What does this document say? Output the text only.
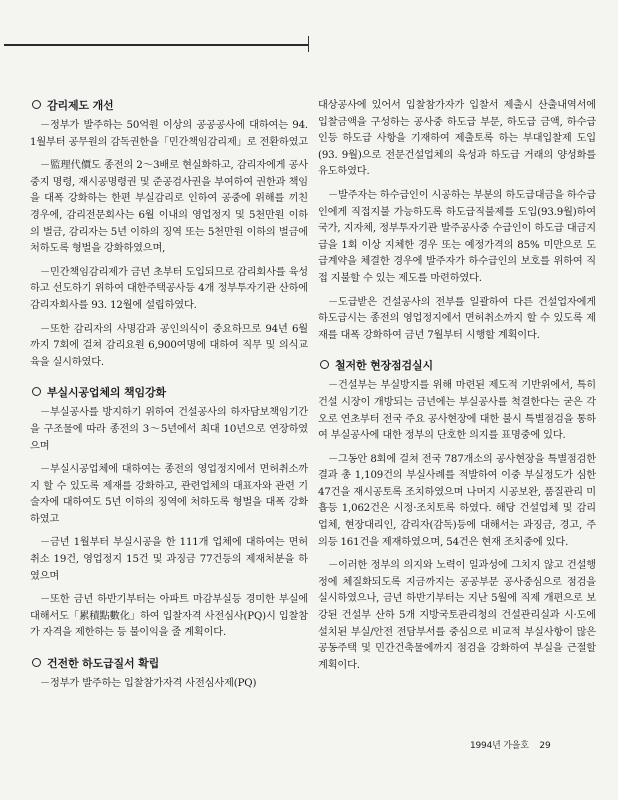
감리제도 개선

－정부가 발주하는 50억원 이상의 공공공사에 대하여는 94. 1월부터 공무원의 감독권한을「민간책임감리제」로 전환하였고

－監理代價도 종전의 2～3배로 현실화하고, 감리자에게 공사중지 명령, 재시공명령권 및 준공검사권을 부여하여 권한과 책임을 대폭 강화하는 한편 부실감리로 인하여 공중에 위해를 끼친 경우에, 감리전문회사는 6월 이내의 영업정지 및 5천만원 이하의 벌금, 감리자는 5년 이하의 징역 또는 5천만원 이하의 벌금에 처하도록 형벌을 강화하였으며,

－민간책임감리제가 금년 초부터 도입되므로 감리회사를 육성하고 선도하기 위하여 대한주택공사등 4개 정부투자기관 산하에 감리자회사를 93. 12월에 설립하였다.

－또한 감리자의 사명감과 공인의식이 중요하므로 94년 6월까지 7회에 걸쳐 감리요원 6,900여명에 대하여 직무 및 의식교육을 실시하였다.

부실시공업체의 책임강화

－부실공사를 방지하기 위하여 건설공사의 하자담보책임기간을 구조물에 따라 종전의 3～5년에서 최대 10년으로 연장하였으며

－부실시공업체에 대하여는 종전의 영업정지에서 면허취소까지 할 수 있도록 제재를 강화하고, 관련업체의 대표자와 관련 기술자에 대하여도 5년 이하의 징역에 처하도록 형벌을 대폭 강화하였고

－금년 1월부터 부실시공을 한 111개 업체에 대하여는 면허취소 19건, 영업정지 15건 및 과징금 77건등의 제재처분을 하였으며

－또한 금년 하반기부터는 아파트 마감부실등 경미한 부실에 대해서도「累積點數化」하여 입찰자격 사전심사(PQ)시 입찰참가 자격을 제한하는 등 불이익을 줄 계획이다.

건전한 하도급질서 확립

－정부가 발주하는 입찰참가자격 사전심사제(PQ)

대상공사에 있어서 입찰참가자가 입찰서 제출시 산출내역서에 입찰금액을 구성하는 공사중 하도급 부문, 하도급 금액, 하수급인등 하도급 사항을 기재하여 제출토록 하는 부대입찰제 도입(93. 9월)으로 전문건설업체의 육성과 하도급 거래의 양성화를 유도하였다.

－발주자는 하수급인이 시공하는 부분의 하도급대금을 하수급인에게 직접지불 가능하도록 하도급직불제를 도입(93.9월)하여 국가, 지자체, 정부투자기관 발주공사중 수급인이 하도급 대금지급을 1회 이상 지체한 경우 또는 예정가격의 85% 미만으로 도급계약을 체결한 경우에 발주자가 하수급인의 보호를 위하여 직접 지불할 수 있는 제도를 마련하였다.

－도급받은 건설공사의 전부를 일괄하여 다른 건설업자에게 하도급시는 종전의 영업정지에서 면허취소까지 할 수 있도록 제재를 대폭 강화하여 금년 7월부터 시행할 계획이다.

철저한 현장점검실시

－건설부는 부실방지를 위해 마련된 제도적 기반위에서, 특히 건설 시장이 개방되는 금년에는 부실공사를 척결한다는 굳은 각오로 연초부터 전국 주요 공사현장에 대한 불시 특별점검을 통하여 부실공사에 대한 정부의 단호한 의지를 표명중에 있다.

－그동안 8회에 걸쳐 전국 787개소의 공사현장을 특별점검한 결과 총 1,109건의 부실사례를 적발하여 이중 부실정도가 심한 47건을 재시공토록 조치하였으며 나머지 시공보완, 품질관리 미흡등 1,062건은 시정·조치토록 하였다. 해당 건설업체 및 감리업체, 현장대리인, 감리자(감독)등에 대해서는 과징금, 경고, 주의등 161건을 제재하였으며, 54건은 현재 조치중에 있다.

－이러한 정부의 의지와 노력이 일과성에 그치지 않고 건설행정에 체질화되도록 지금까지는 공공부문 공사중심으로 점검을 실시하였으나, 금년 하반기부터는 지난 5월에 직제 개편으로 보강된 건설부 산하 5개 지방국토관리청의 건설관리실과 시·도에 설치된 부실/안전 전담부서를 중심으로 비교적 부실사항이 많은 공동주택 및 민간건축물에까지 점검을 강화하여 부실을 근절할 계획이다.

1994년 가을호 29
